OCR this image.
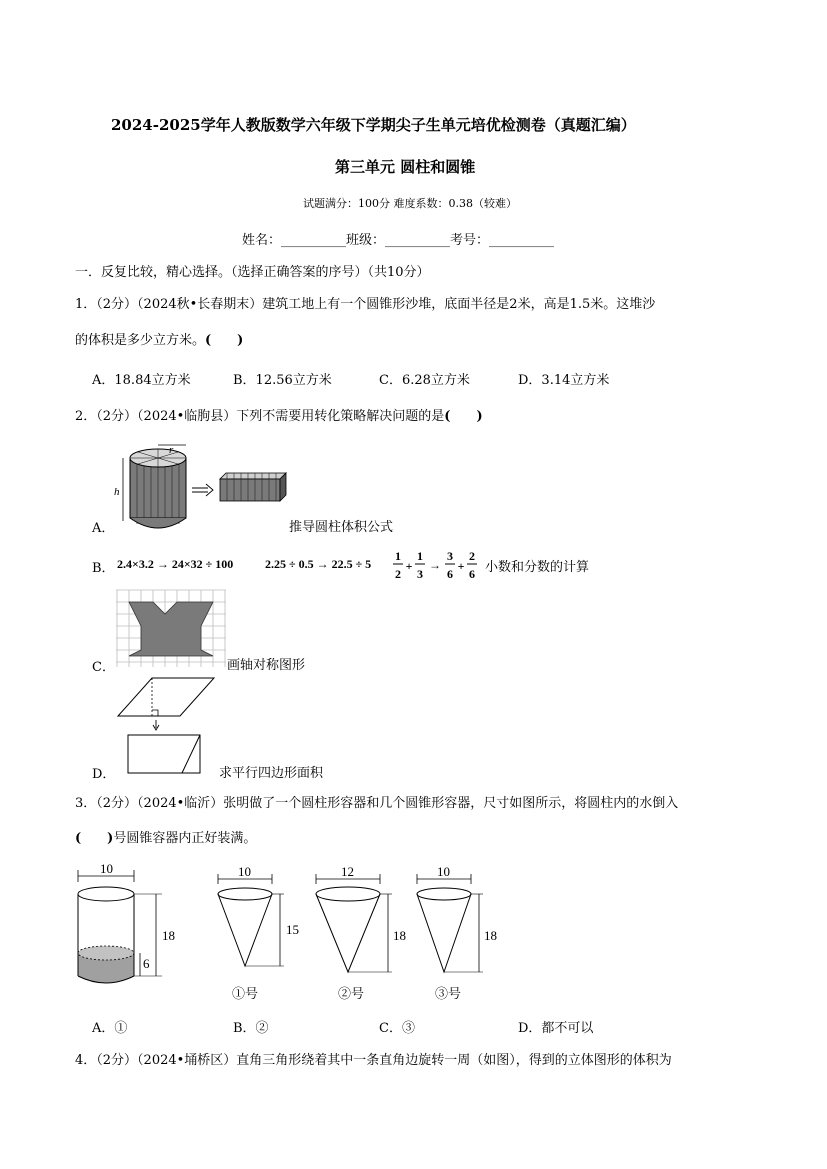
2024-2025学年人教版数学六年级下学期尖子生单元培优检测卷（真题汇编）
第三单元 圆柱和圆锥
试题满分：100分 难度系数：0.38（较难）
姓名：__________班级：__________考号：__________
一．反复比较，精心选择。（选择正确答案的序号）（共10分）
1．（2分）（2024秋•长春期末）建筑工地上有一个圆锥形沙堆，底面半径是2米，高是1.5米。这堆沙
的体积是多少立方米。(　　)
A．18.84立方米	B．12.56立方米	C．6.28立方米	D．3.14立方米
2．（2分）（2024•临朐县）下列不需要用转化策略解决问题的是(　　)
r
h
A．	推导圆柱体积公式
B． 2.4×3.2 → 24×32 ÷ 100	2.25 ÷ 0.5 → 22.5 ÷ 5
1
2
+
1
3
→
3
6
+
2
6 小数和分数的计算
C．	画轴对称图形
D．	求平行四边形面积
3．（2分）（2024•临沂）张明做了一个圆柱形容器和几个圆锥形容器，尺寸如图所示，将圆柱内的水倒入
(　　)号圆锥容器内正好装满。
10
18
6
10
15
①号
12
18
②号
10
18
③号
A．①	B．②	C．③	D．都不可以
4．（2分）（2024•埇桥区）直角三角形绕着其中一条直角边旋转一周（如图），得到的立体图形的体积为
